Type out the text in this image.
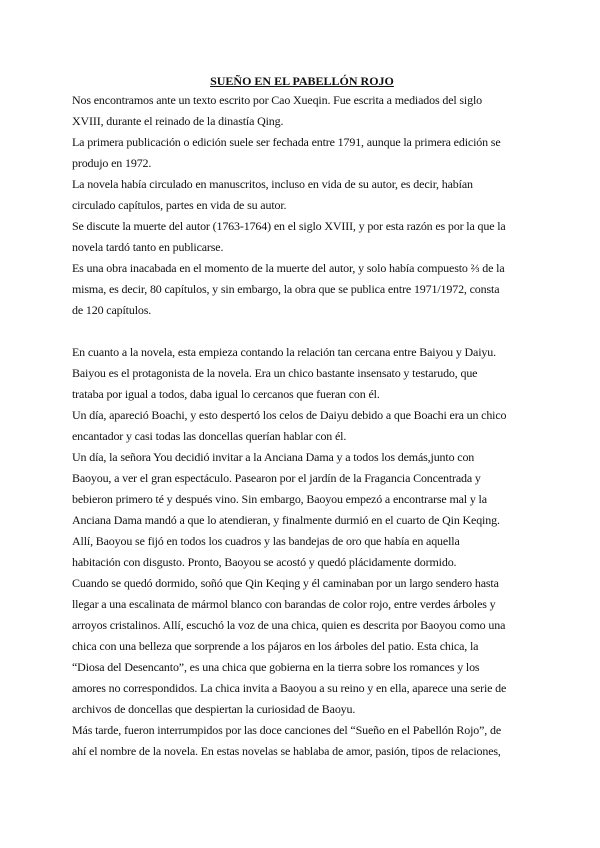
SUEÑO EN EL PABELLÓN ROJO

Nos encontramos ante un texto escrito por Cao Xueqin. Fue escrita a mediados del siglo
XVIII, durante el reinado de la dinastía Qing.

La primera publicación o edición suele ser fechada entre 1791, aunque la primera edición se
produjo en 1972.

La novela había circulado en manuscritos, incluso en vida de su autor, es decir, habían
circulado capítulos, partes en vida de su autor.

Se discute la muerte del autor (1763-1764) en el siglo XVIII, y por esta razón es por la que la
novela tardó tanto en publicarse.

Es una obra inacabada en el momento de la muerte del autor, y solo había compuesto ⅔ de la
misma, es decir, 80 capítulos, y sin embargo, la obra que se publica entre 1971/1972, consta
de 120 capítulos.

En cuanto a la novela, esta empieza contando la relación tan cercana entre Baiyou y Daiyu.
Baiyou es el protagonista de la novela. Era un chico bastante insensato y testarudo, que
trataba por igual a todos, daba igual lo cercanos que fueran con él.

Un día, apareció Boachi, y esto despertó los celos de Daiyu debido a que Boachi era un chico
encantador y casi todas las doncellas querían hablar con él.

Un día, la señora You decidió invitar a la Anciana Dama y a todos los demás,junto con
Baoyou, a ver el gran espectáculo. Pasearon por el jardín de la Fragancia Concentrada y
bebieron primero té y después vino. Sin embargo, Baoyou empezó a encontrarse mal y la
Anciana Dama mandó a que lo atendieran, y finalmente durmió en el cuarto de Qin Keqing.

Allí, Baoyou se fijó en todos los cuadros y las bandejas de oro que había en aquella
habitación con disgusto. Pronto, Baoyou se acostó y quedó plácidamente dormido.

Cuando se quedó dormido, soñó que Qin Keqing y él caminaban por un largo sendero hasta
llegar a una escalinata de mármol blanco con barandas de color rojo, entre verdes árboles y
arroyos cristalinos. Allí, escuchó la voz de una chica, quien es descrita por Baoyou como una
chica con una belleza que sorprende a los pájaros en los árboles del patio. Esta chica, la
“Diosa del Desencanto”, es una chica que gobierna en la tierra sobre los romances y los
amores no correspondidos. La chica invita a Baoyou a su reino y en ella, aparece una serie de
archivos de doncellas que despiertan la curiosidad de Baoyu.

Más tarde, fueron interrumpidos por las doce canciones del “Sueño en el Pabellón Rojo”, de
ahí el nombre de la novela. En estas novelas se hablaba de amor, pasión, tipos de relaciones,
